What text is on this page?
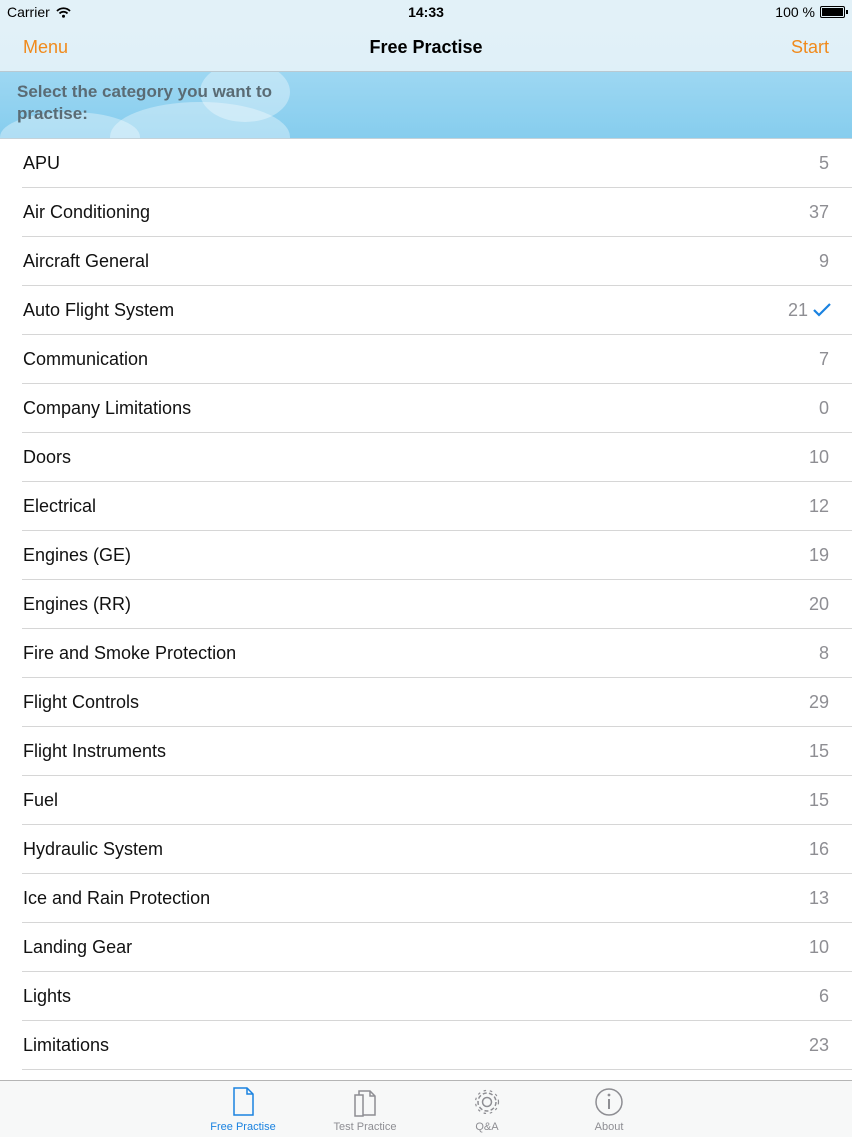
Carrier	14:33	100 %
Menu	Free Practise	Start
Select the category you want to practise:
APU	5
Air Conditioning	37
Aircraft General	9
Auto Flight System	21
Communication	7
Company Limitations	0
Doors	10
Electrical	12
Engines (GE)	19
Engines (RR)	20
Fire and Smoke Protection	8
Flight Controls	29
Flight Instruments	15
Fuel	15
Hydraulic System	16
Ice and Rain Protection	13
Landing Gear	10
Lights	6
Limitations	23
Free Practise	Test Practice	Q&A	About
